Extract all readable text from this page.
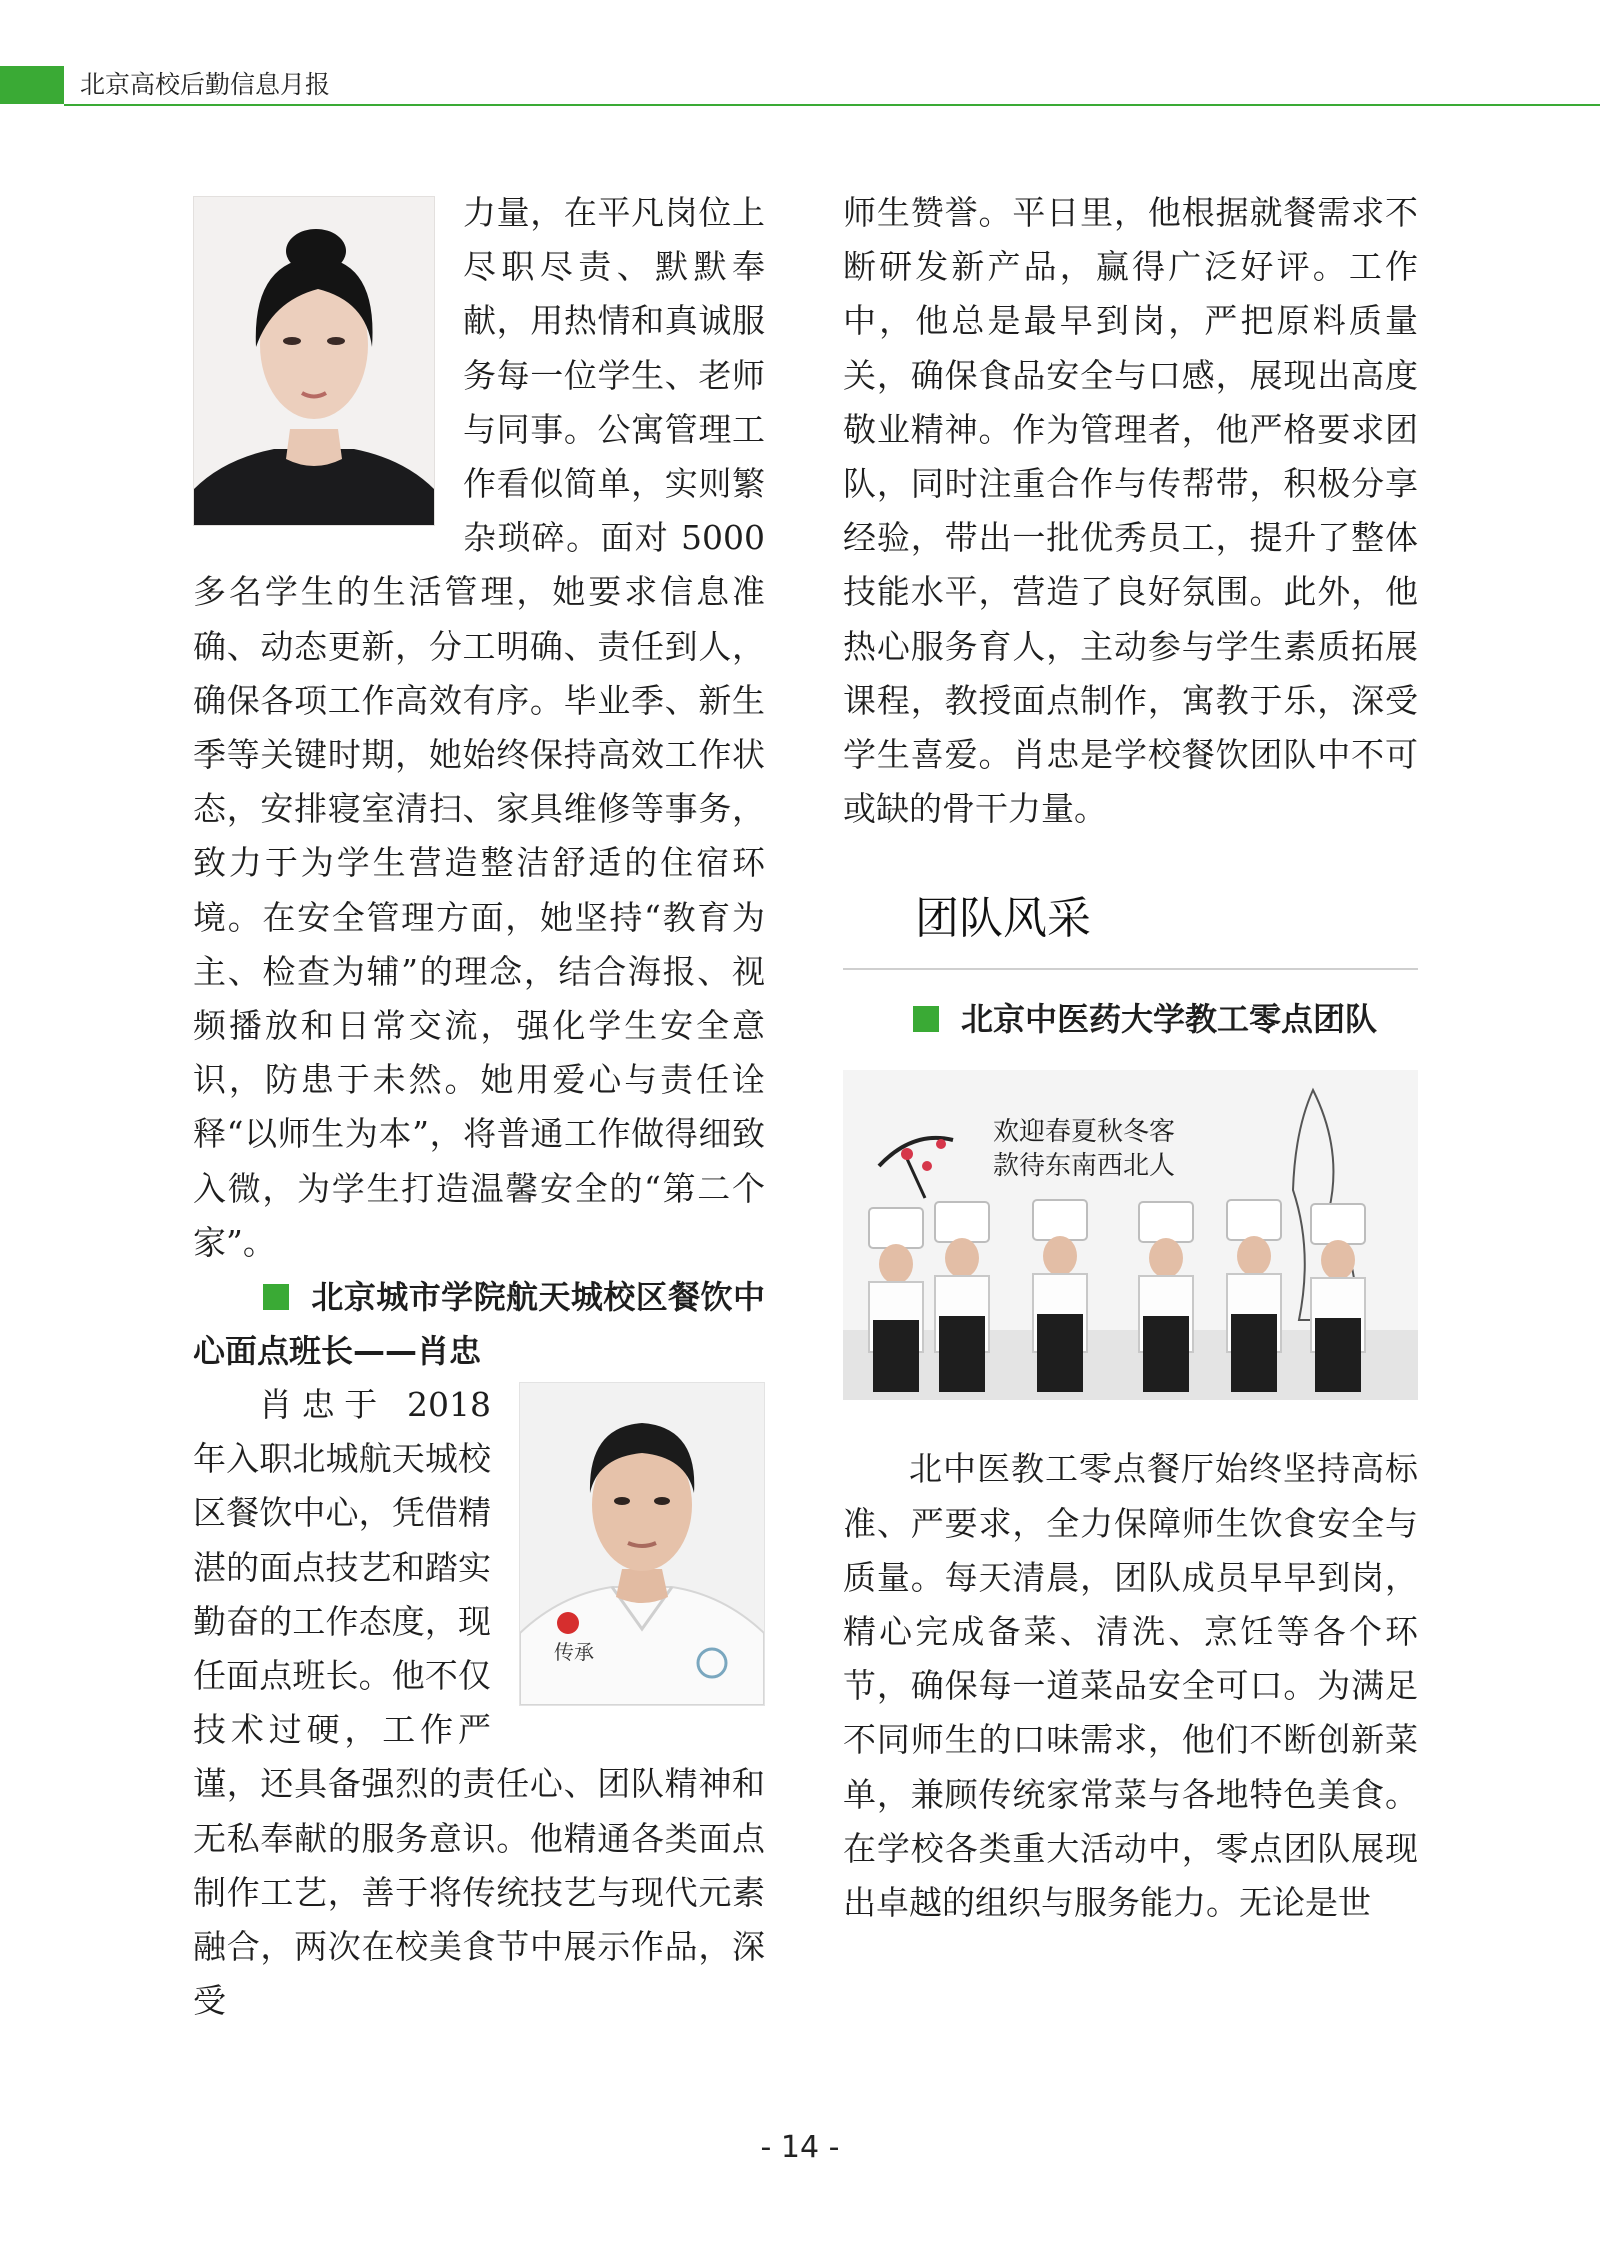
北京高校后勤信息月报

力量，在平凡岗位上尽职尽责、默默奉献，用热情和真诚服务每一位学生、老师与同事。公寓管理工作看似简单，实则繁杂琐碎。面对 5000 多名学生的生活管理，她要求信息准确、动态更新，分工明确、责任到人，确保各项工作高效有序。毕业季、新生季等关键时期，她始终保持高效工作状态，安排寝室清扫、家具维修等事务，致力于为学生营造整洁舒适的住宿环境。在安全管理方面，她坚持“教育为主、检查为辅”的理念，结合海报、视频播放和日常交流，强化学生安全意识，防患于未然。她用爱心与责任诠释“以师生为本”，将普通工作做得细致入微，为学生打造温馨安全的“第二个家”。

北京城市学院航天城校区餐饮中心面点班长——肖忠

传承

肖忠于 2018 年入职北城航天城校区餐饮中心，凭借精湛的面点技艺和踏实勤奋的工作态度，现任面点班长。他不仅技术过硬，工作严谨，还具备强烈的责任心、团队精神和无私奉献的服务意识。他精通各类面点制作工艺，善于将传统技艺与现代元素融合，两次在校美食节中展示作品，深受

师生赞誉。平日里，他根据就餐需求不断研发新产品，赢得广泛好评。工作中，他总是最早到岗，严把原料质量关，确保食品安全与口感，展现出高度敬业精神。作为管理者，他严格要求团队，同时注重合作与传帮带，积极分享经验，带出一批优秀员工，提升了整体技能水平，营造了良好氛围。此外，他热心服务育人，主动参与学生素质拓展课程，教授面点制作，寓教于乐，深受学生喜爱。肖忠是学校餐饮团队中不可或缺的骨干力量。

团队风采

北京中医药大学教工零点团队

欢迎春夏秋冬客
款待东南西北人

北中医教工零点餐厅始终坚持高标准、严要求，全力保障师生饮食安全与质量。每天清晨，团队成员早早到岗，精心完成备菜、清洗、烹饪等各个环节，确保每一道菜品安全可口。为满足不同师生的口味需求，他们不断创新菜单，兼顾传统家常菜与各地特色美食。在学校各类重大活动中，零点团队展现出卓越的组织与服务能力。无论是世

- 14 -
